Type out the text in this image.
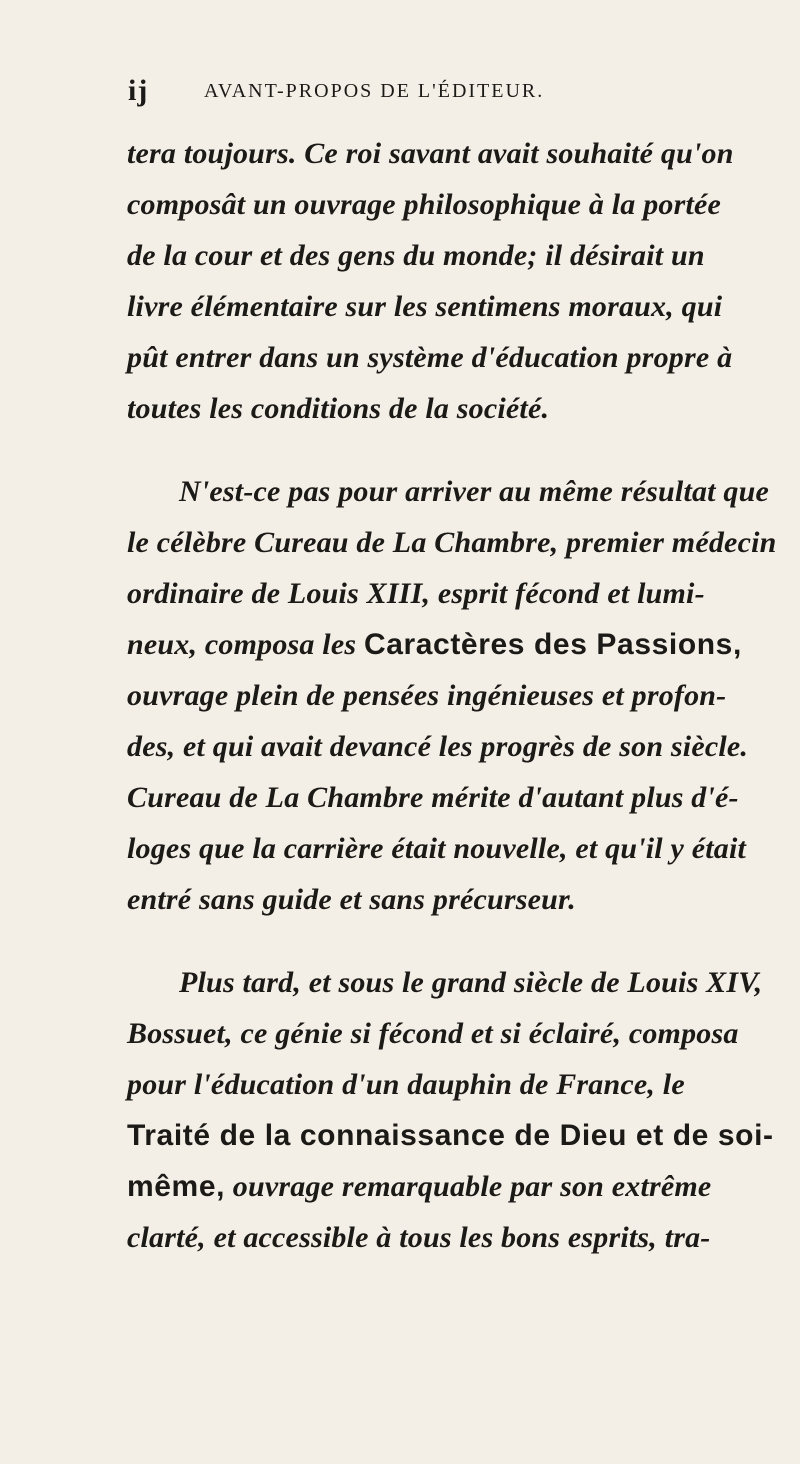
ij	AVANT-PROPOS DE L'ÉDITEUR.
tera toujours. Ce roi savant avait souhaité qu'on
composât un ouvrage philosophique à la portée
de la cour et des gens du monde; il désirait un
livre élémentaire sur les sentimens moraux, qui
pût entrer dans un système d'éducation propre à
toutes les conditions de la société.
N'est-ce pas pour arriver au même résultat que
le célèbre Cureau de La Chambre, premier médecin
ordinaire de Louis XIII, esprit fécond et lumi-
neux, composa les Caractères des Passions,
ouvrage plein de pensées ingénieuses et profon-
des, et qui avait devancé les progrès de son siècle.
Cureau de La Chambre mérite d'autant plus d'é-
loges que la carrière était nouvelle, et qu'il y était
entré sans guide et sans précurseur.
Plus tard, et sous le grand siècle de Louis XIV,
Bossuet, ce génie si fécond et si éclairé, composa
pour l'éducation d'un dauphin de France, le
Traité de la connaissance de Dieu et de soi-
même, ouvrage remarquable par son extrême
clarté, et accessible à tous les bons esprits, tra-
